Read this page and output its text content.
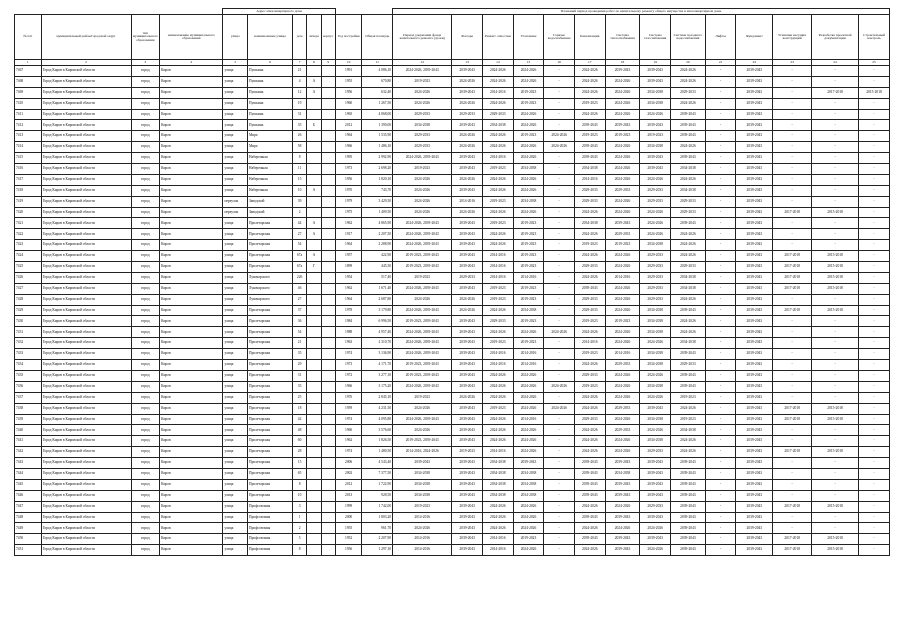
				Адрес многоквартирного дома							Плановый период проведения работ по капитальному ремонту общего имущества в многоквартирном доме													
№ п/п	муниципальный район/городской округ	тип муниципального образования	наименование муниципального образования	улица	наименование улицы	дом	литера	корпус	Год постройки	Общая площадь	Период удержания фонда капитального ремонта (сроки)	Фасады	Ремонт отмостки	Утепление	Горячее водоснабжение	Канализация	Система теплоснабжения	Система газоснабжения	Система холодного водоснабжения	Лифты	Фундамент	Усиление несущих конструкций	Разработка проектной документации	Строительный контроль
1	2	3	4	5	6	7	8	9	10	11	12	13	14	15	16	17	18	19	20	21	22	23	24	25
7467	Город Киров в Кировской области	город	Киров	улица	Пушкина	21			1991	4 086,10	2024-2026, 2039-2043	2039-2043	2024-2026	2024-2026	-	2024-2026	2039-2043	2039-2043	2024-2026	-	2039-2043	-	-	-
7468	Город Киров в Кировской области	город	Киров	улица	Пушкина	4	А		1955	670,80	2019-2023	2024-2026	2024-2026	2024-2026	-	2024-2026	2024-2026	2039-2043	2024-2026	-	2039-2043	-	-	-
7469	Город Киров в Кировской области	город	Киров	улица	Пушкина	12	А		1956	632,40	2024-2026	2039-2043	2014-2016	2019-2023	-	2024-2026	2024-2026	2034-2038	2029-2033	-	2039-2043	-	2017-2018	2015-2018
7410	Город Киров в Кировской области	город	Киров	улица	Пушкина	19			1960	1 267,50	2024-2026	2024-2026	2024-2026	2019-2023	-	2019-2023	2024-2026	2034-2038	2024-2026	-	2039-2043	-	-	-
7411	Город Киров в Кировской области	город	Киров	улица	Пушкина	31			1965	4 068,00	2029-2033	2029-2033	2029-2033	2024-2026	-	2024-2026	2024-2026	2024-2026	2039-2043	-	2039-2043	-	-	-
7412	Город Киров в Кировской области	город	Киров	улица	Пушкина	35	Б		2012	1 390,00	2034-2038	2039-2043	2034-2038	2024-2026	-	2039-2043	2039-2043	2039-2043	2039-2043	-	2039-2043	-	-	-
7413	Город Киров в Кировской области	город	Киров	улица	Мира	26			1964	1 535,90	2029-2033	2024-2026	2024-2026	2019-2023	2024-2026	2019-2023	2019-2023	2019-2023	2039-2043	-	2039-2043	-	-	-
7414	Город Киров в Кировской области	город	Киров	улица	Мира	58			1966	1 486,10	2029-2033	2024-2026	2024-2026	2024-2026	2024-2026	2039-2043	2024-2026	2034-2038	2024-2026	-	2039-2043	-	-	-
7415	Город Киров в Кировской области	город	Киров	улица	Набережная	8			1995	2 992,90	2024-2026, 2039-2043	2039-2043	2014-2016	2024-2026	-	2039-2043	2024-2026	2039-2043	2039-2043	-	2039-2043	-	-	-
7416	Город Киров в Кировской области	город	Киров	улица	Набережная	11			1973	2 698,20	2019-2023	2039-2043	2019-2023	2034-2038	-	2034-2038	2024-2026	2039-2043	2034-2038	-	2039-2043	-	-	-
7417	Город Киров в Кировской области	город	Киров	улица	Набережная	15			1956	1 820,10	2024-2026	2024-2026	2024-2026	2024-2026	-	2014-2016	2024-2026	2024-2026	2024-2026	-	2039-2043	-	-	-
7418	Город Киров в Кировской области	город	Киров	улица	Набережная	10	А		1970	743,70	2024-2026	2039-2043	2024-2026	2024-2026	-	2029-2033	2029-2033	2029-2033	2034-2038	-	2039-2043	-	-	-
7419	Город Киров в Кировской области	город	Киров	переулок	Заводской	39			1979	3 429,50	2024-2026	2014-2016	2019-2023	2034-2038	-	2029-2033	2024-2026	2029-2033	2029-2033	-	2039-2043	-	-	-
7420	Город Киров в Кировской области	город	Киров	переулок	Заводской	2			1975	1 409,50	2024-2026	2024-2026	2024-2026	2024-2026	-	2024-2026	2024-2026	2024-2026	2029-2033	-	2039-2043	2017-2018	2015-2018	-
7421	Город Киров в Кировской области	город	Киров	улица	Пролетарская	44	А		1962	4 865,90	2024-2026, 2039-2043	2039-2043	2019-2023	2019-2023	-	2034-2038	2039-2043	2024-2026	2039-2043	-	2039-2043	-	-	-
7422	Город Киров в Кировской области	город	Киров	улица	Пролетарская	27	А		1917	2 207,50	2024-2026, 2039-2043	2039-2043	2024-2026	2019-2023	-	2024-2026	2029-2033	2024-2026	2024-2026	-	2039-2043	-	-	-
7423	Город Киров в Кировской области	город	Киров	улица	Пролетарская	54			1964	2 288,90	2024-2026, 2039-2043	2039-2043	2024-2026	2019-2023	-	2019-2023	2019-2023	2034-2038	2024-2026	-	2039-2043	-	-	-
7424	Город Киров в Кировской области	город	Киров	улица	Пролетарская	67а	А		1957	422,90	2019-2023, 2039-2043	2039-2043	2014-2016	2019-2023	-	2024-2026	2024-2026	2029-2033	2024-2026	-	2039-2043	2017-2018	2015-2018	-
7425	Город Киров в Кировской области	город	Киров	улица	Пролетарская	67а	Г		1899	445,50	2019-2023, 2039-2043	2039-2043	2014-2016	2019-2023	-	2029-2033	2024-2026	2029-2033	2029-2033	-	2039-2043	2017-2018	2015-2018	-
7426	Город Киров в Кировской области	город	Киров	улица	Луначарского	226			1954	517,40	2019-2023	2029-2033	2014-2016	2014-2016	-	2024-2026	2014-2016	2029-2033	2034-2038	-	2039-2043	2017-2018	2015-2018	-
7427	Город Киров в Кировской области	город	Киров	улица	Луначарского	46			1962	1 671,40	2024-2026, 2039-2043	2039-2043	2019-2023	2019-2023	-	2039-2043	2024-2026	2029-2033	2034-2038	-	2039-2043	2017-2018	2015-2018	-
7428	Город Киров в Кировской области	город	Киров	улица	Луначарского	27			1964	2 687,80	2024-2026	2024-2026	2019-2023	2019-2023	-	2029-2033	2024-2026	2029-2033	2024-2026	-	2039-2043	-	-	-
7429	Город Киров в Кировской области	город	Киров	улица	Пролетарская	37			1978	3 179,80	2024-2026, 2039-2043	2024-2026	2024-2026	2034-2038	-	2029-2033	2024-2026	2034-2038	2039-2043	-	2039-2043	2017-2018	2015-2018	-
7430	Город Киров в Кировской области	город	Киров	улица	Пролетарская	36			1984	6 996,50	2019-2023, 2039-2043	2039-2043	2029-2033	2019-2023	-	2019-2023	2019-2023	2034-2038	2024-2026	-	2039-2043	-	-	-
7431	Город Киров в Кировской области	город	Киров	улица	Пролетарская	54			1988	4 957,40	2024-2026, 2039-2043	2039-2043	2024-2026	2024-2026	2024-2026	2024-2026	2024-2026	2034-2038	2024-2026	-	2039-2043	-	-	-
7432	Город Киров в Кировской области	город	Киров	улица	Пролетарская	21			1963	2 310,70	2024-2026, 2039-2043	2039-2043	2019-2023	2019-2023	-	2014-2016	2024-2026	2024-2026	2034-2038	-	2039-2043	-	-	-
7433	Город Киров в Кировской области	город	Киров	улица	Пролетарская	35			1974	3 136,90	2024-2026, 2039-2043	2039-2043	2014-2016	2014-2016	-	2019-2023	2014-2016	2034-2038	2039-2043	-	2039-2043	-	-	-
7434	Город Киров в Кировской области	город	Киров	улица	Пролетарская	29			1973	4 171,70	2019-2023, 2039-2043	2039-2043	2014-2016	2014-2016	-	2024-2026	2029-2033	2034-2038	2029-2033	-	2039-2043	-	-	-
7435	Город Киров в Кировской области	город	Киров	улица	Пролетарская	31			1972	3 277,10	2019-2023, 2039-2043	2039-2043	2024-2026	2024-2026	-	2029-2033	2024-2026	2024-2026	2039-2043	-	2039-2043	-	-	-
7436	Город Киров в Кировской области	город	Киров	улица	Пролетарская	33			1966	3 175,20	2024-2026, 2039-2043	2039-2043	2024-2026	2024-2026	2024-2026	2019-2023	2024-2026	2034-2038	2039-2043	-	2039-2043	-	-	-
7437	Город Киров в Кировской области	город	Киров	улица	Пролетарская	25			1976	2 845,10	2019-2023	2024-2026	2024-2026	2024-2026	-	2024-2026	2024-2026	2024-2026	2019-2023	-	2039-2043	-	-	-
7438	Город Киров в Кировской области	город	Киров	улица	Пролетарская	18			1959	4 231,50	2024-2026	2039-2043	2019-2023	2024-2026	2024-2026	2024-2026	2029-2033	2039-2043	2024-2026	-	2039-2043	2017-2018	2015-2018	-
7439	Город Киров в Кировской области	город	Киров	улица	Пролетарская	42			1974	4 095,80	2024-2026, 2039-2043	2039-2043	2024-2026	2014-2016	-	2029-2033	2024-2026	2034-2038	2019-2023	-	2039-2043	2017-2018	2015-2018	-
7440	Город Киров в Кировской области	город	Киров	улица	Пролетарская	48			1960	3 576,60	2024-2026	2039-2043	2024-2026	2024-2026	-	2024-2026	2029-2033	2024-2026	2034-2038	-	2039-2043	-	-	-
7441	Город Киров в Кировской области	город	Киров	улица	Пролетарская	60			1962	1 826,50	2019-2023, 2039-2043	2039-2043	2024-2026	2024-2026	-	2024-2026	2024-2026	2034-2038	2024-2026	-	2039-2043	-	-	-
7442	Город Киров в Кировской области	город	Киров	улица	Пролетарская	28			1974	1 480,50	2014-2016, 2024-2026	2019-2023	2014-2016	2024-2026	-	2024-2026	2024-2026	2029-2033	2024-2026	-	2039-2043	2017-2018	2015-2018	-
7443	Город Киров в Кировской области	город	Киров	улица	Пролетарская	15			2006	4 543,40	2039-2043	2039-2043	2034-2038	2039-2043	-	2039-2043	2039-2043	2039-2043	2039-2043	-	2039-2043	-	-	-
7444	Город Киров в Кировской области	город	Киров	улица	Пролетарская	65			2002	7 377,50	2034-2038	2039-2043	2034-2038	2034-2038	-	2039-2043	2034-2038	2039-2043	2039-2043	-	2039-2043	-	-	-
7445	Город Киров в Кировской области	город	Киров	улица	Пролетарская	8			2012	1 722,90	2034-2038	2039-2043	2034-2038	2034-2038	-	2039-2043	2039-2043	2039-2043	2039-2043	-	2039-2043	-	-	-
7446	Город Киров в Кировской области	город	Киров	улица	Пролетарская	10			2013	928,50	2034-2038	2039-2043	2034-2038	2034-2038	-	2039-2043	2039-2043	2039-2043	2039-2043	-	2039-2043	-	-	-
7447	Город Киров в Кировской области	город	Киров	улица	Профсоюзная	3			1999	1 742,00	2019-2023	2039-2043	2024-2026	2024-2026	-	2024-2026	2024-2026	2029-2033	2039-2043	-	2039-2043	2017-2018	2015-2018	-
7448	Город Киров в Кировской области	город	Киров	улица	Профсоюзная	1			2000	1 803,20	2014-2016	2039-2043	2024-2026	2024-2026	-	2039-2043	2039-2043	2039-2043	2039-2043	-	2039-2043	-	-	-
7449	Город Киров в Кировской области	город	Киров	улица	Профсоюзная	2			1955	961,70	2024-2026	2039-2043	2024-2026	2024-2026	-	2024-2026	2024-2026	2024-2026	2039-2043	-	2039-2043	-	-	-
7450	Город Киров в Кировской области	город	Киров	улица	Профсоюзная	5			1952	2 207,90	2014-2016	2039-2043	2014-2016	2019-2023	-	2039-2043	2039-2043	2039-2043	2039-2043	-	2039-2043	2017-2018	2015-2018	-
7451	Город Киров в Кировской области	город	Киров	улица	Профсоюзная	8			1956	1 297,10	2014-2016	2039-2043	2014-2016	2024-2026	-	2024-2026	2039-2043	2024-2026	2039-2043	-	2039-2043	2017-2018	2015-2018	-
